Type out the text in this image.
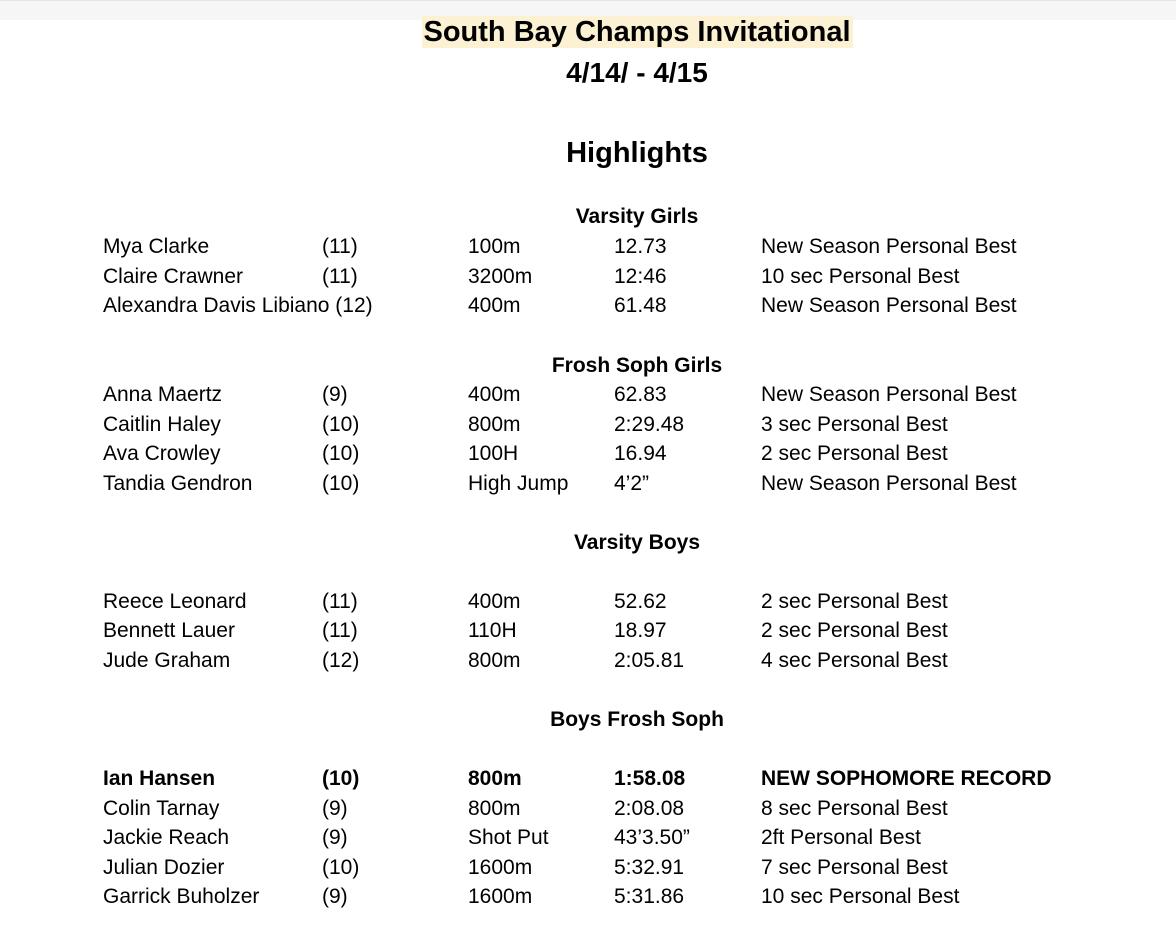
South Bay Champs Invitational
4/14/ - 4/15
Highlights
Varsity Girls
Mya Clarke	(11)	100m	12.73	New Season Personal Best
Claire Crawner	(11)	3200m	12:46	10 sec Personal Best
Alexandra Davis Libiano (12)	400m	61.48	New Season Personal Best
Frosh Soph Girls
Anna Maertz	(9)	400m	62.83	New Season Personal Best
Caitlin Haley	(10)	800m	2:29.48	3 sec Personal Best
Ava Crowley	(10)	100H	16.94	2 sec Personal Best
Tandia Gendron	(10)	High Jump 4’2”	New Season Personal Best
Varsity Boys
Reece Leonard	(11)	400m	52.62	2 sec Personal Best
Bennett Lauer	(11)	110H	18.97	2 sec Personal Best
Jude Graham	(12)	800m	2:05.81	4 sec Personal Best
Boys Frosh Soph
Ian Hansen	(10)	800m	1:58.08	NEW SOPHOMORE RECORD
Colin Tarnay	(9)	800m	2:08.08	8 sec Personal Best
Jackie Reach	(9)	Shot Put	43’3.50”	2ft Personal Best
Julian Dozier	(10)	1600m	5:32.91	7 sec Personal Best
Garrick Buholzer	(9)	1600m	5:31.86	10 sec Personal Best
